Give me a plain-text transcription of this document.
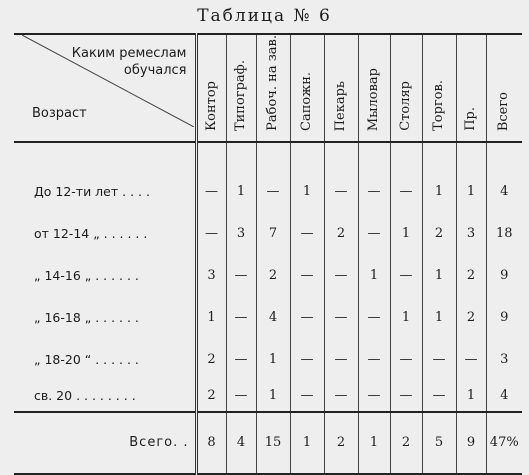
Таблица № 6
Каким ремеслам
обучался
Возраст	Контор	Типограф.	Рабоч. на зав.	Сапожн.	Пекарь	Мыловар	Столяр	Торгов.	Пр.	Всего

До 12-ти лет . . . .	—	1	—	1	—	—	—	1	1	4
от 12-14 „ . . . . . .	—	3	7	—	2	—	1	2	3	18
„ 14-16 „ . . . . . .	3	—	2	—	—	1	—	1	2	9
„ 16-18 „ . . . . . .	1	—	4	—	—	—	1	1	2	9
„ 18-20 “ . . . . . .	2	—	1	—	—	—	—	—	—	3
св. 20 . . . . . . . .	2	—	1	—	—	—	—	—	1	4
Всего. .	8	4	15	1	2	1	2	5	9	47%
